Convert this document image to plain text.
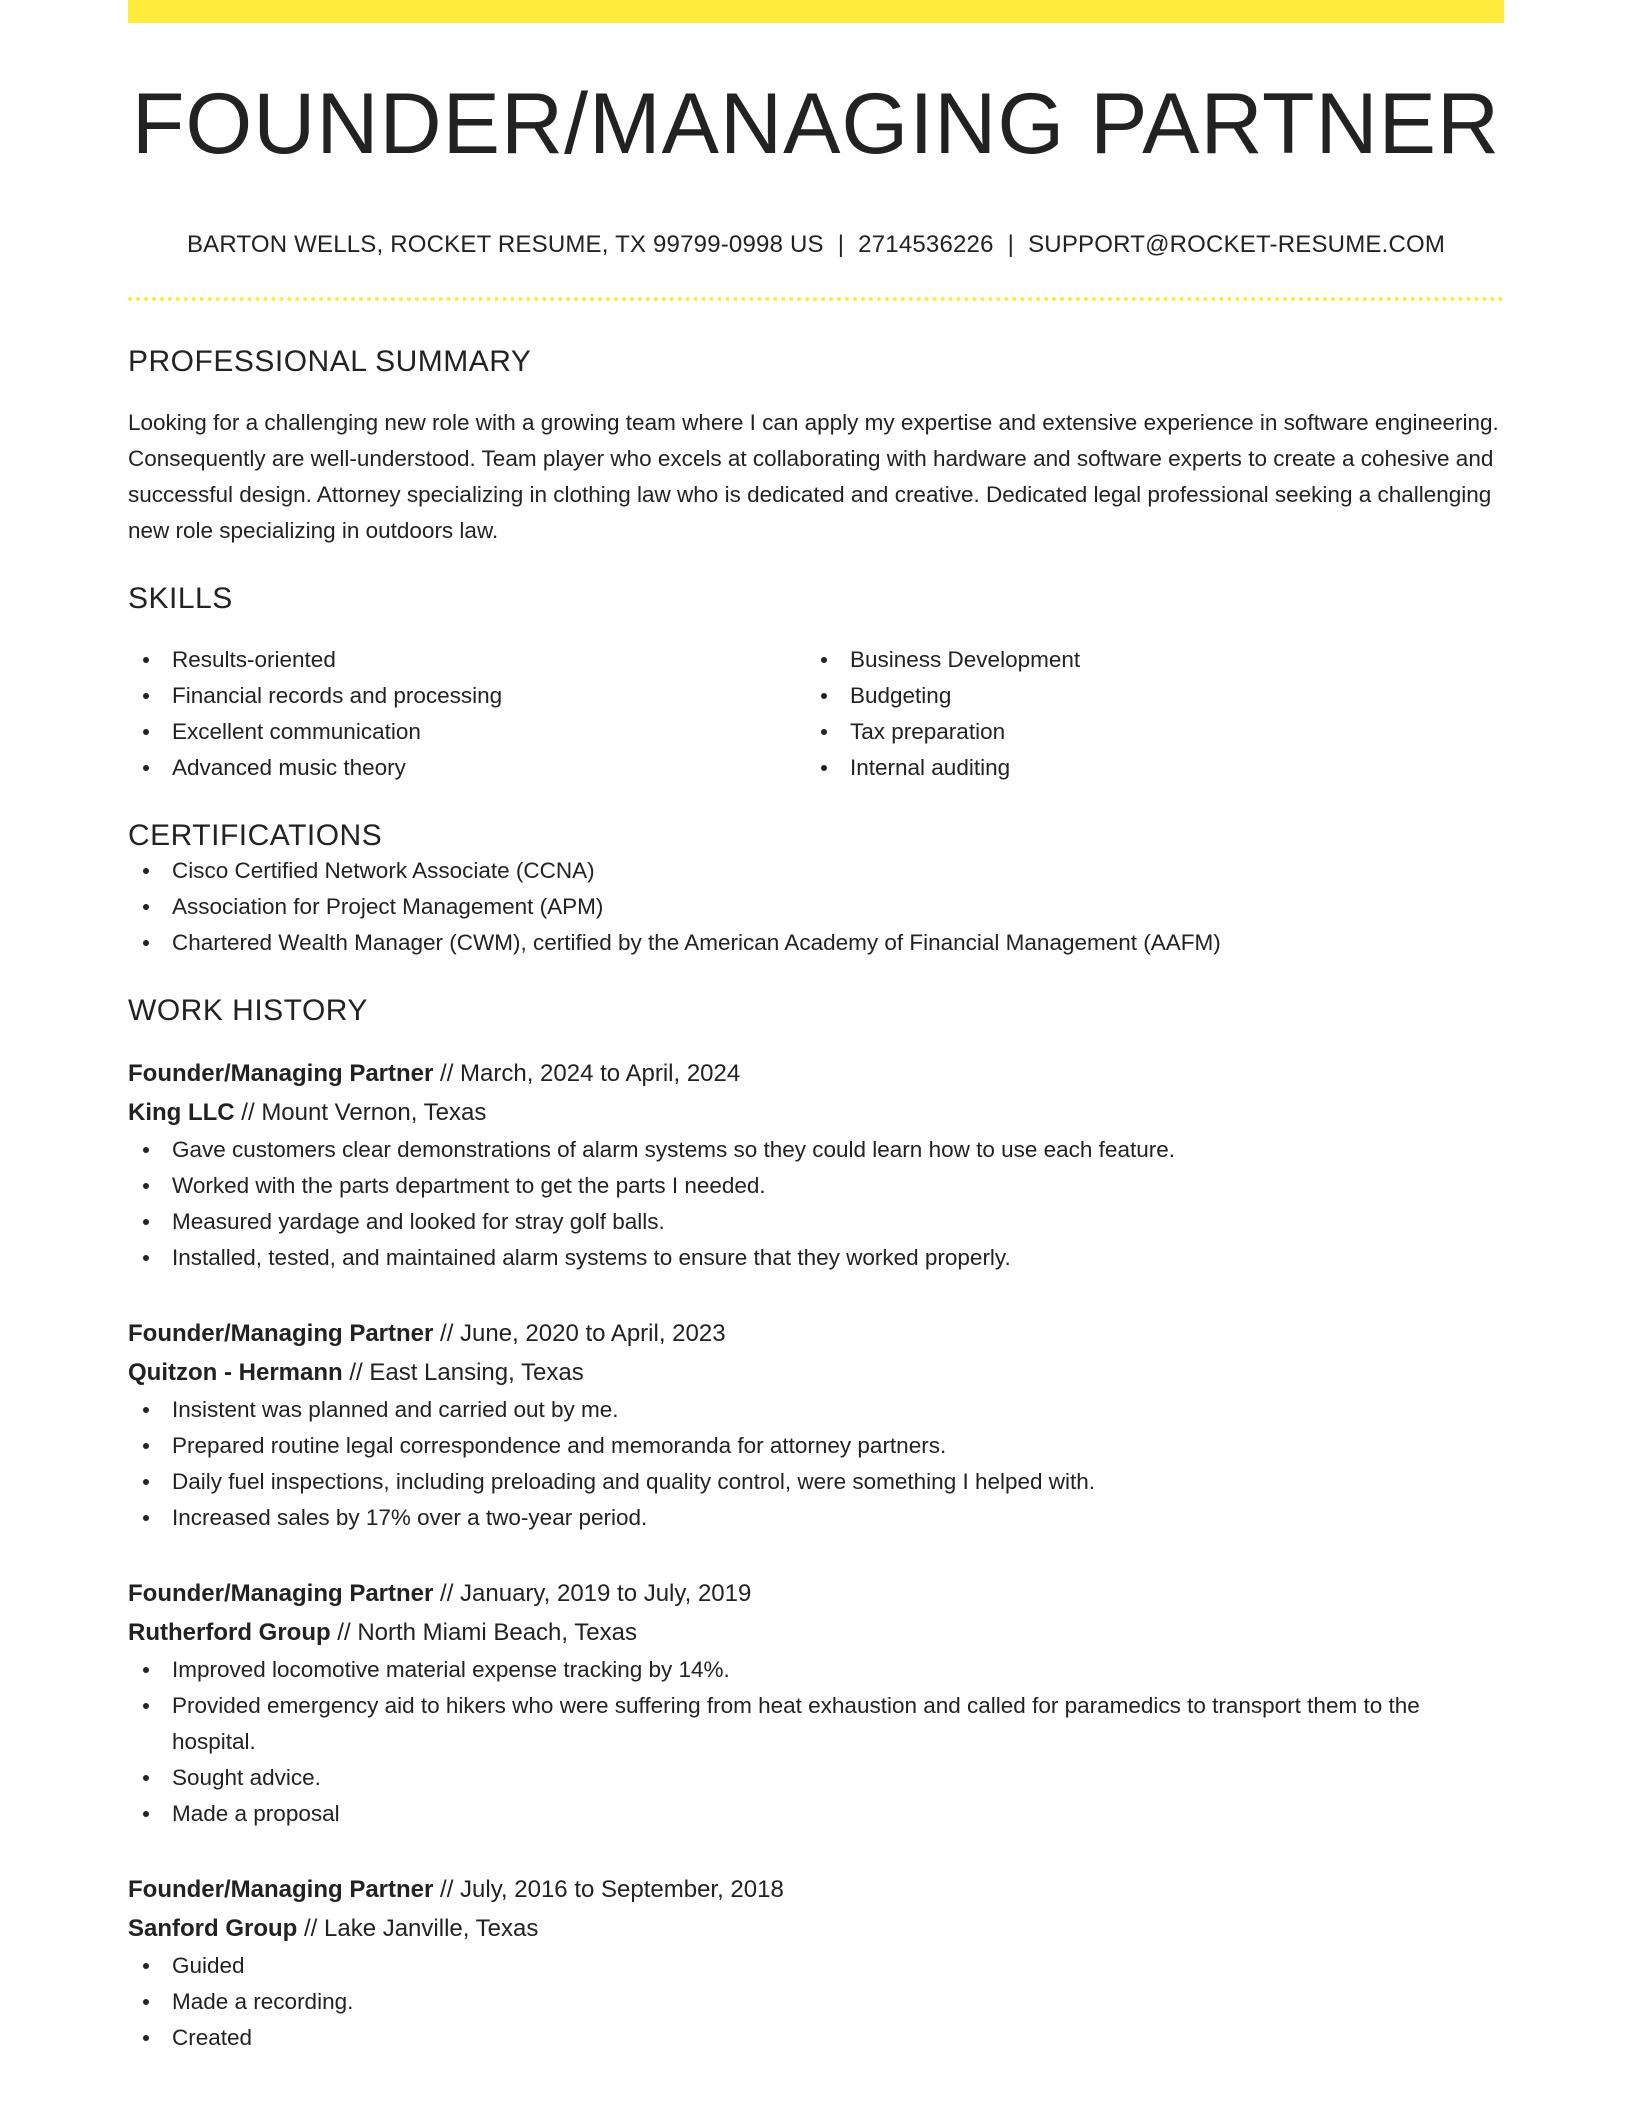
FOUNDER/MANAGING PARTNER
BARTON WELLS, ROCKET RESUME, TX 99799-0998 US | 2714536226 | SUPPORT@ROCKET-RESUME.COM
PROFESSIONAL SUMMARY
Looking for a challenging new role with a growing team where I can apply my expertise and extensive experience in software engineering. Consequently are well-understood. Team player who excels at collaborating with hardware and software experts to create a cohesive and successful design. Attorney specializing in clothing law who is dedicated and creative. Dedicated legal professional seeking a challenging new role specializing in outdoors law.
SKILLS
Results-oriented
Financial records and processing
Excellent communication
Advanced music theory
Business Development
Budgeting
Tax preparation
Internal auditing
CERTIFICATIONS
Cisco Certified Network Associate (CCNA)
Association for Project Management (APM)
Chartered Wealth Manager (CWM), certified by the American Academy of Financial Management (AAFM)
WORK HISTORY
Founder/Managing Partner // March, 2024 to April, 2024
King LLC // Mount Vernon, Texas
Gave customers clear demonstrations of alarm systems so they could learn how to use each feature.
Worked with the parts department to get the parts I needed.
Measured yardage and looked for stray golf balls.
Installed, tested, and maintained alarm systems to ensure that they worked properly.
Founder/Managing Partner // June, 2020 to April, 2023
Quitzon - Hermann // East Lansing, Texas
Insistent was planned and carried out by me.
Prepared routine legal correspondence and memoranda for attorney partners.
Daily fuel inspections, including preloading and quality control, were something I helped with.
Increased sales by 17% over a two-year period.
Founder/Managing Partner // January, 2019 to July, 2019
Rutherford Group // North Miami Beach, Texas
Improved locomotive material expense tracking by 14%.
Provided emergency aid to hikers who were suffering from heat exhaustion and called for paramedics to transport them to the hospital.
Sought advice.
Made a proposal
Founder/Managing Partner // July, 2016 to September, 2018
Sanford Group // Lake Janville, Texas
Guided
Made a recording.
Created
